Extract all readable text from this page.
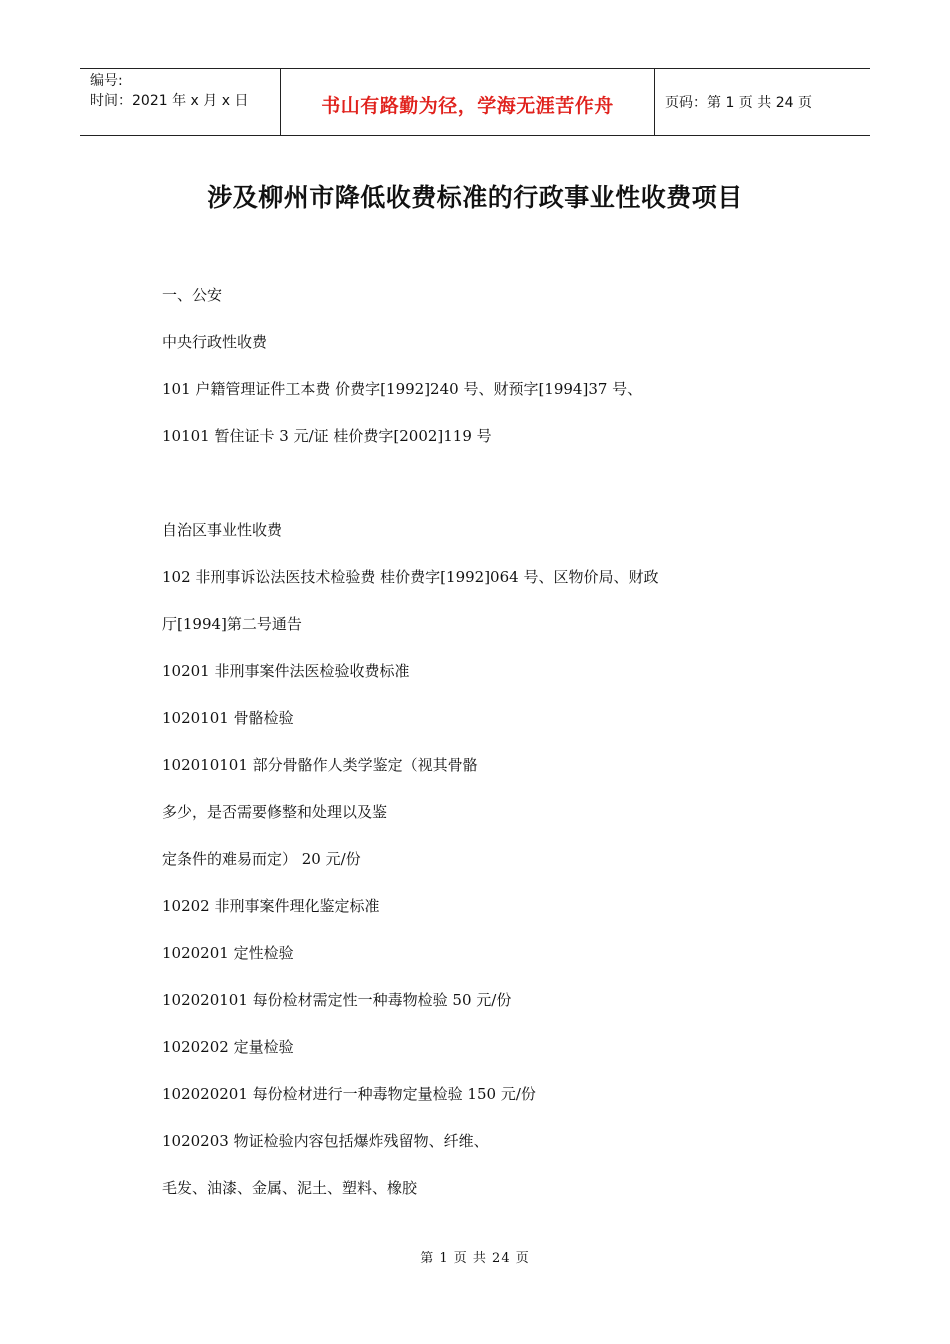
编号:
时间：2021 年 x 月 x 日	书山有路勤为径，学海无涯苦作舟	页码：第 1 页 共 24 页
涉及柳州市降低收费标准的行政事业性收费项目
一、公安
中央行政性收费
101 户籍管理证件工本费 价费字[1992]240 号、财预字[1994]37 号、
10101 暂住证卡 3 元/证 桂价费字[2002]119 号
自治区事业性收费
102 非刑事诉讼法医技术检验费 桂价费字[1992]064 号、区物价局、财政
厅[1994]第二号通告
10201 非刑事案件法医检验收费标准
1020101 骨骼检验
102010101 部分骨骼作人类学鉴定（视其骨骼
多少，是否需要修整和处理以及鉴
定条件的难易而定） 20 元/份
10202 非刑事案件理化鉴定标准
1020201 定性检验
102020101 每份检材需定性一种毒物检验 50 元/份
1020202 定量检验
102020201 每份检材进行一种毒物定量检验 150 元/份
1020203 物证检验内容包括爆炸残留物、纤维、
毛发、油漆、金属、泥土、塑料、橡胶
第 1 页 共 24 页
